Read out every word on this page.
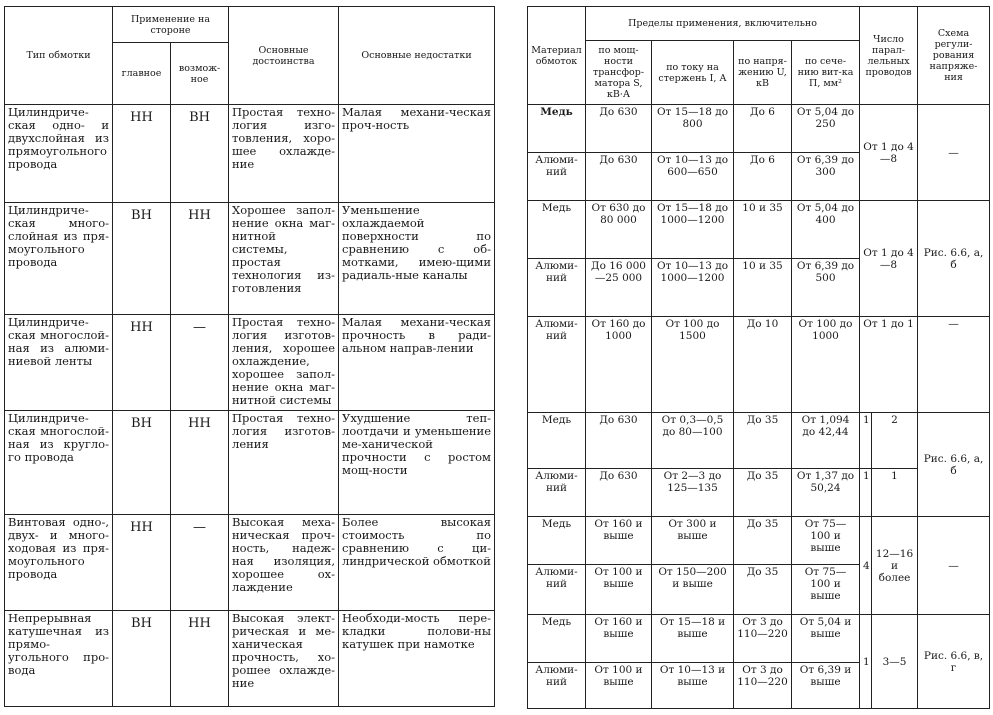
Тип обмотки	Применение на стороне		Основные достоинства	Основные недостатки
	главное	возмож-ное		
Цилиндриче-ская одно- и двухслойная из прямоугольного провода	НН	ВН	Простая техно-логия изго-товления, хоро-шее охлажде-ние	Малая механи-ческая проч-ность
Цилиндриче-ская много-слойная из пря-моугольного провода	ВН	НН	Хорошее запол-нение окна маг-нитной системы, простая технология из-готовления	Уменьшение охлаждаемой поверхности по сравнению с об-мотками, имею-щими радиаль-ные каналы
Цилиндриче-ская многослой-ная из алюми-ниевой ленты	НН	—	Простая техно-логия изготов-ления, хорошее охлаждение, хорошее запол-нение окна маг-нитной системы	Малая механи-ческая прочность в ради-альном направ-лении
Цилиндриче-ская многослой-ная из кругло-го провода	ВН	НН	Простая техно-логия изготов-ления	Ухудшение теп-лоотдачи и уменьшение ме-ханической прочности с ростом мощ-ности
Винтовая одно-, двух- и много-ходовая из пря-моугольного провода	НН	—	Высокая меха-ническая проч-ность, надеж-ная изоляция, хорошее ох-лаждение	Более высокая стоимость по сравнению с ци-линдрической обмоткой
Непрерывная катушечная из прямо-угольного про-вода	ВН	НН	Высокая элект-рическая и ме-ханическая прочность, хо-рошее охлажде-ние	Необходи-мость пере-кладки полови-ны катушек при намотке
Материал обмоток	Пределы применения, включительно				Число парал-лельных проводов		Схема регули-рования напряже-ния
	по мощ-ности трансфор-матора S, кВ·А	по току на стержень I, А	по напря-жению U, кВ	по сече-нию вит-ка П, мм²			
Медь	До 630	От 15—18 до 800	До 6	От 5,04 до 250	От 1 до 4—8		—
Алюми-ний	До 630	От 10—13 до 600—650	До 6	От 6,39 до 300			
Медь	От 630 до 80 000	От 15—18 до 1000—1200	10 и 35	От 5,04 до 400	От 1 до 4—8		Рис. 6.6, а, б
Алюми-ний	До 16 000—25 000	От 10—13 до 1000—1200	10 и 35	От 6,39 до 500			
Алюми-ний	От 160 до 1000	От 100 до 1500	До 10	От 100 до 1000	От 1 до 1		—
Медь	До 630	От 0,3—0,5 до 80—100	До 35	От 1,094 до 42,44	1	2	Рис. 6.6, а, б
Алюми-ний	До 630	От 2—3 до 125—135	До 35	От 1,37 до 50,24	1	1	
Медь	От 160 и выше	От 300 и выше	До 35	От 75—100 и выше	4	12—16 и более	—
Алюми-ний	От 100 и выше	От 150—200 и выше	До 35	От 75—100 и выше			
Медь	От 160 и выше	От 15—18 и выше	От 3 до 110—220	От 5,04 и выше	1	3—5	Рис. 6.6, в, г
Алюми-ний	От 100 и выше	От 10—13 и выше	От 3 до 110—220	От 6,39 и выше			
